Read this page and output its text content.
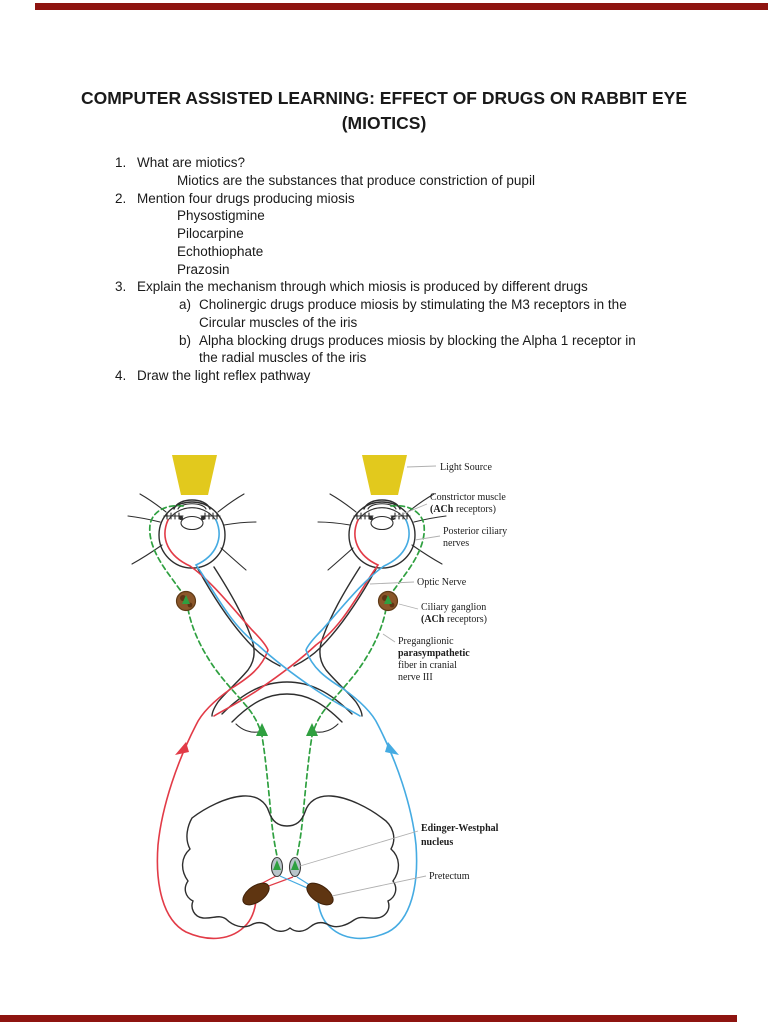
COMPUTER ASSISTED LEARNING: EFFECT OF DRUGS ON RABBIT EYE
(MIOTICS)
1. What are miotics?
Miotics are the substances that produce constriction of pupil
2. Mention four drugs producing miosis
Physostigmine
Pilocarpine
Echothiophate
Prazosin
3. Explain the mechanism through which miosis is produced by different drugs
a) Cholinergic drugs produce miosis by stimulating the M3 receptors in the
Circular muscles of the iris
b) Alpha blocking drugs produces miosis by blocking the Alpha 1 receptor in
the radial muscles of the iris
4. Draw the light reflex pathway
Light Source
Constrictor muscle
(ACh receptors)
Posterior ciliary
nerves
Optic Nerve
Ciliary ganglion
(ACh receptors)
Preganglionic
parasympathetic
fiber in cranial
nerve III
Edinger-Westphal
nucleus
Pretectum
